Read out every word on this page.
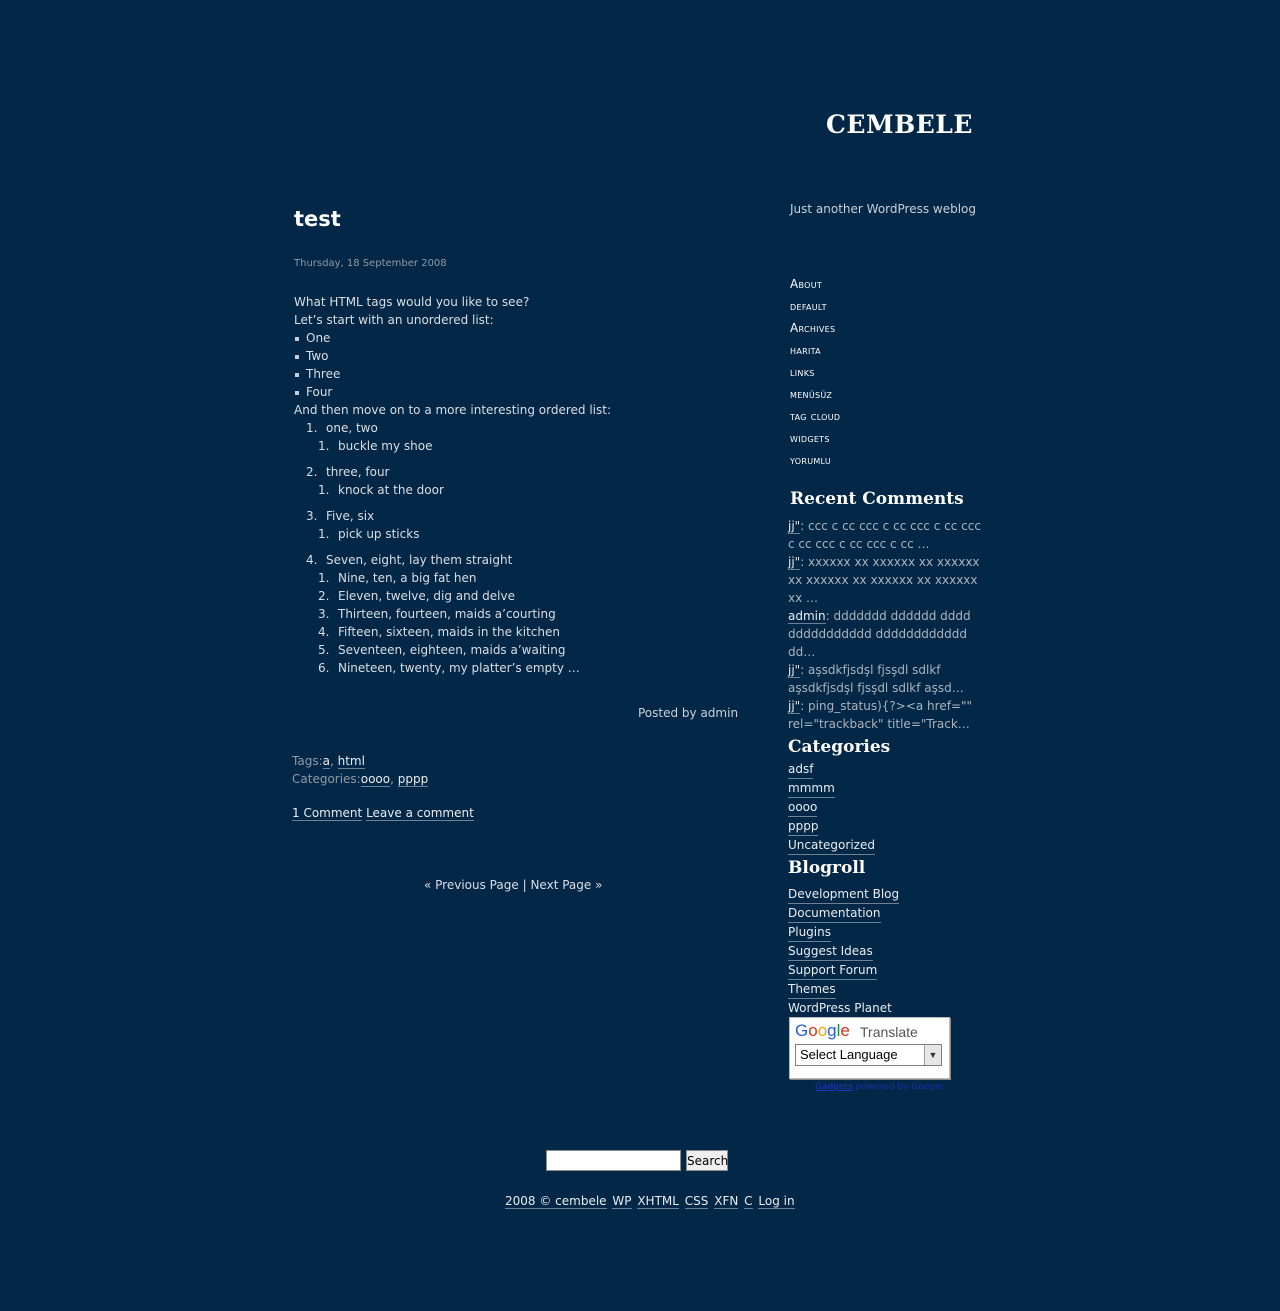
CEMBELE
Just another WordPress weblog
test
Thursday, 18 September 2008

What HTML tags would you like to see?

Let’s start with an unordered list:

One
Two
Three
Four

And then move on to a more interesting ordered list:

1. one, two
1. buckle my shoe
2. three, four
1. knock at the door
3. Five, six
1. pick up sticks
4. Seven, eight, lay them straight
1. Nine, ten, a big fat hen
2. Eleven, twelve, dig and delve
3. Thirteen, fourteen, maids a’courting
4. Fifteen, sixteen, maids in the kitchen
5. Seventeen, eighteen, maids a’waiting
6. Nineteen, twenty, my platter’s empty …
Posted by admin
Tags:a, html
Categories:oooo, pppp
1 Comment Leave a comment
« Previous Page | Next Page »
About
default
Archives
harita
links
menüsüz
tag cloud
widgets
yorumlu
Recent Comments
jj": ccc c cc ccc c cc ccc c cc ccc c cc ccc c cc ccc c cc …
jj": xxxxxx xx xxxxxx xx xxxxxx xx xxxxxx xx xxxxxx xx xxxxxx xx …
admin: ddddddd dddddd dddd ddddddddddd dddddddddddd dd…
jj": aşsdkfjsdşl fjsşdl sdlkf aşsdkfjsdşl fjsşdl sdlkf aşsd…
jj": ping_status){?><a href="" rel="trackback" title="Track…
Categories
adsf
mmmm
oooo
pppp
Uncategorized
Blogroll
Development Blog
Documentation
Plugins
Suggest Ideas
Support Forum
Themes
WordPress Planet
Google Translate
Select Language	▼
Gadgets powered by Google
Search
2008 © cembele WP XHTML CSS XFN C Log in
